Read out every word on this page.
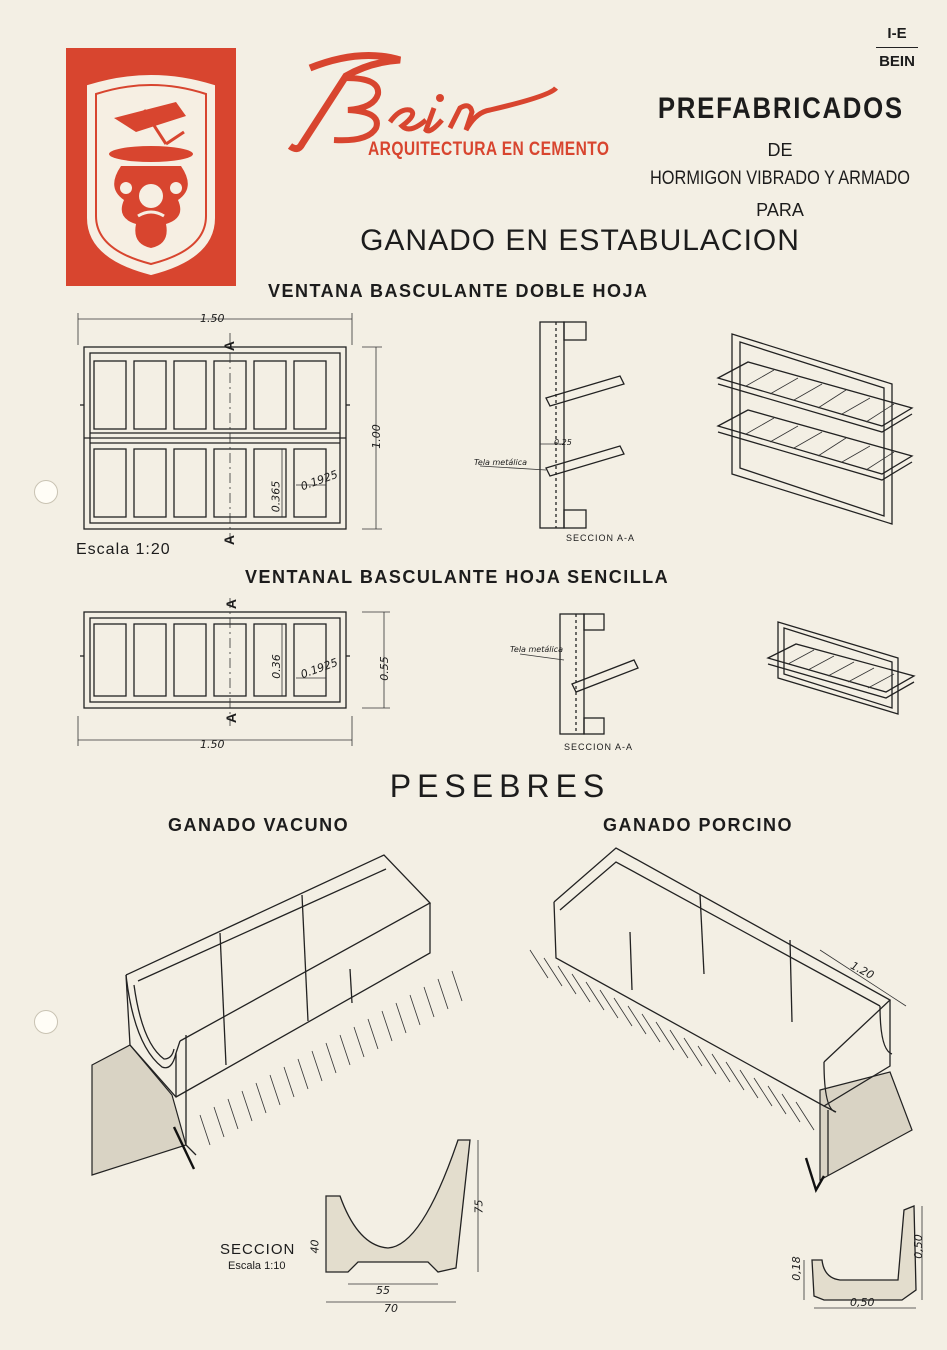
ARQUITECTURA EN CEMENTO
I-E
BEIN
PREFABRICADOS
DE
HORMIGON VIBRADO Y ARMADO
PARA
GANADO EN ESTABULACION
VENTANA BASCULANTE DOBLE HOJA
1.50
1.00
0.365
0.1925
A
A
Escala 1:20
Tela metálica
0.25
SECCION A-A
VENTANAL BASCULANTE HOJA SENCILLA
1.50
0.55
0.36 0.1925
A
A
Tela metálica
SECCION A-A
PESEBRES
GANADO VACUNO	GANADO PORCINO
1.20
75
40
55
70
SECCION
Escala 1:10
0,50
0,18
0,50
